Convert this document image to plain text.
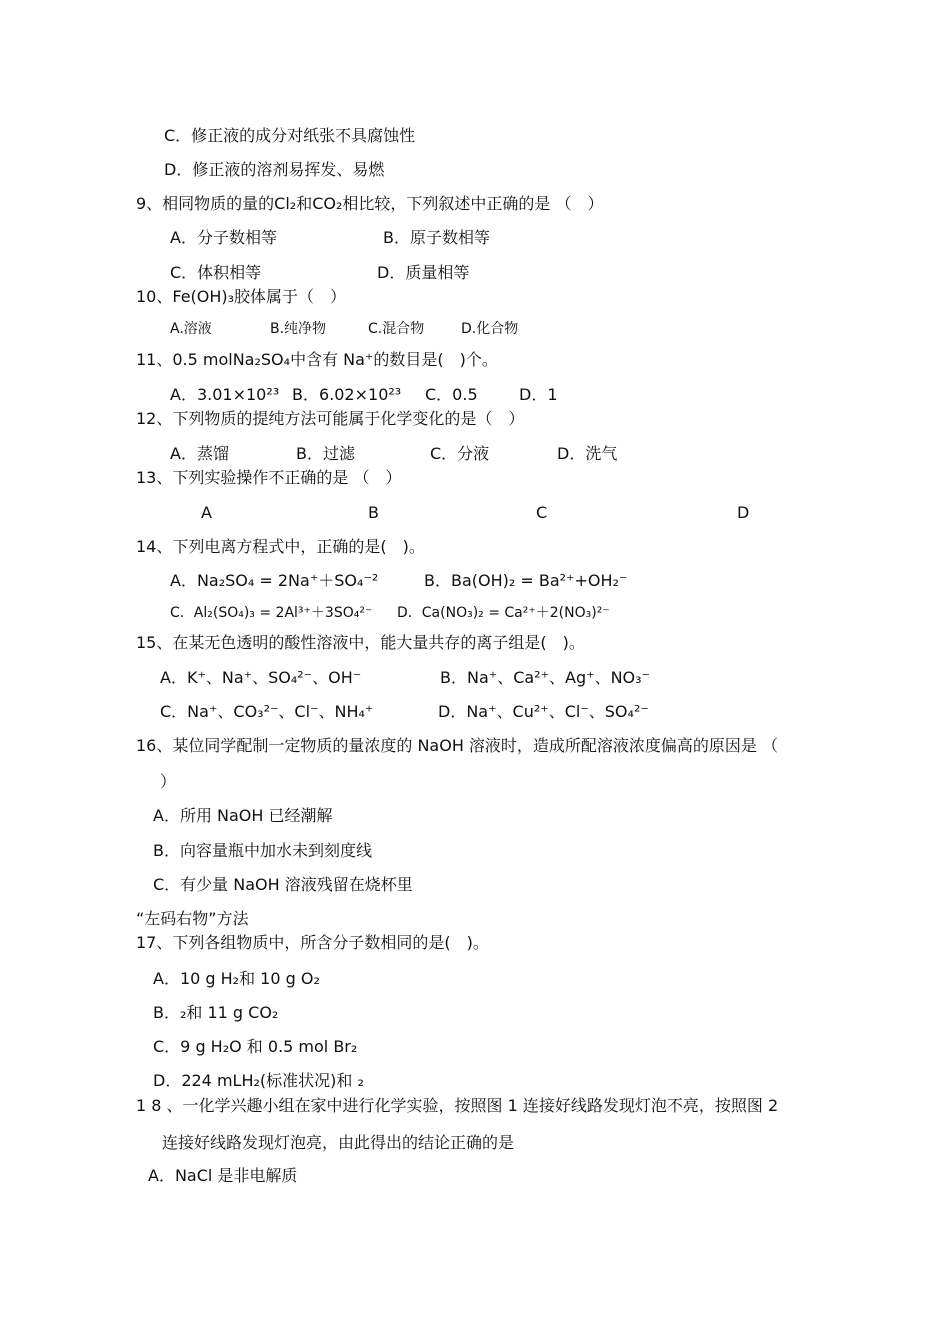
C．修正液的成分对纸张不具腐蚀性
D．修正液的溶剂易挥发、易燃
9、相同物质的量的Cl₂和CO₂相比较，下列叙述中正确的是 （　）
A．分子数相等	B．原子数相等
C．体积相等	D．质量相等
10、Fe(OH)₃胶体属于（　）
A.溶液	B.纯净物	C.混合物	D.化合物
11、0.5 molNa₂SO₄中含有 Na⁺的数目是(　)个。
A．3.01×10²³ B．6.02×10²³ C．0.5	D．1
12、下列物质的提纯方法可能属于化学变化的是（　）
A．蒸馏	B．过滤	C．分液	D．洗气
13、下列实验操作不正确的是 （　）
A	B	C	D
14、下列电离方程式中，正确的是(　)。
A．Na₂SO₄ = 2Na⁺＋SO₄⁻²	B．Ba(OH)₂ = Ba²⁺+OH₂⁻
C．Al₂(SO₄)₃ = 2Al³⁺＋3SO₄²⁻ D．Ca(NO₃)₂ = Ca²⁺＋2(NO₃)²⁻
15、在某无色透明的酸性溶液中，能大量共存的离子组是(　)。
A．K⁺、Na⁺、SO₄²⁻、OH⁻	B．Na⁺、Ca²⁺、Ag⁺、NO₃⁻
C．Na⁺、CO₃²⁻、Cl⁻、NH₄⁺	D．Na⁺、Cu²⁺、Cl⁻、SO₄²⁻
16、某位同学配制一定物质的量浓度的 NaOH 溶液时，造成所配溶液浓度偏高的原因是 （
）
A．所用 NaOH 已经潮解
B．向容量瓶中加水未到刻度线
C．有少量 NaOH 溶液残留在烧杯里
“左码右物”方法
17、下列各组物质中，所含分子数相同的是(　)。
A．10 g H₂和 10 g O₂
B．₂和 11 g CO₂
C．9 g H₂O 和 0.5 mol Br₂
D．224 mLH₂(标准状况)和 ₂
1 8 、一化学兴趣小组在家中进行化学实验，按照图 1 连接好线路发现灯泡不亮，按照图 2
连接好线路发现灯泡亮，由此得出的结论正确的是
A．NaCl 是非电解质
